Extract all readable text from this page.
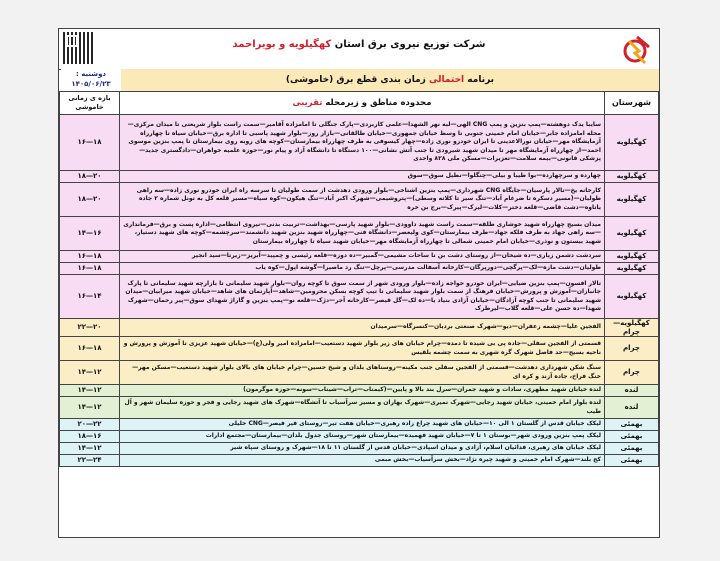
شرکت توزیع نیروی برق استان کهگیلویه و بویراحمد
دوشنبه :
۱۴۰۵/۰۶/۲۳	برنامه احتمالی زمان بندی قطع برق (خاموشی)
شهرستان	محدوده مناطق و زیرمحله تقریبی	بازه ی زمانی خاموشی
کهگیلویه	سایبا یدک دوهشته—پمپ بنزین و پمپ CNG الهی—لبه نهر الشهدا—علمی کاربردی—پارک جنگلی تا امامزاده آقامیر—سمت راست بلوار شریعتی تا میدان مرکزی—محله امامزاده جابر—خیابان امام خمینی جنوبی تا وسط خیابان جمهوری—خیابان طالقانی—بازار روز—بلوار شهید پاسبی تا اداره برق—خیابان سیاه تا چهارراه آزمایشگاه مهر—خیابان نورالاعدینی تا ایران خودرو نوری زاده—چهار کیسوفی به طرف چهارراه بیمارستان—کوچه های روبه روی بیمارستان تا پمپ بنزین موسوی احمد—از چهارراه آزمایشگاه مهر تا میدان شهید شیرودی تا جنب آتش نشانی—۱۰۰ دستگاه تا دانشگاه آزاد و پیام نور—حوزه علمیه خواهران—دادگستری جدید—پزشکی قانونی—بیمه سلامت—تعزیرات—مسکن ملی ۸۲۸ واحدی	۱۶—۱۸
کهگیلویه	چهارده و سرچهارده—بوا طیبا و بیلی—چنگلوا—نطیل سوق—سوق	۱۸—۲۰
کهگیلویه	کارخانه یخ—تالار پارسیان—جایگاه CNG شهرداری—پمپ بنزین اشتاخی—بلوار ورودی دهدشت از سمت طولیان تا سرسه راه ایران خودرو نوری زاده—سه راهی طولیان—(مسیر دسکره تا ضرغام آباد—تنگ سیر تا کلاته وسطی)—پتروشیمی—شهرک اکبر آباد—تنگ هیکون—کوه سیاه—مسیر قلعه کل به تونل شماره ۲ جاده یاتاوه—دشت قاضی—قلعه دختر—کلات—لیرک—پیرک—برج بن خره	۱۸—۲۰
کهگیلویه	میدان بسیج چهارراه شهید خوشاری طلقه—سمت راست شهید داوودی—بلوار شهید پارسی—بهداشت—تربیت بدنی—نیروی انتظامی—اداره پست و برق—فرمانداری—سه راهی جهاد به طرف فلکه جهاد—طرف بیمارستان—کوی ولیعصر—دانشگاه فنی—چهارراه شهید بنزین شهید دانشمند—سرچشمه—کوچه های شهید دستیار، شهید بیستون و نوذری—خیابان امام خمینی شمالی تا چهارراه آزمایشگاه مهر—خیابان شهید سیاه تا چهارراه بیمارستان	۱۴—۱۶
کهگیلویه	سردشت دشمن زیاری—ده شیخان—از روستای دشت بن تا ساحات مشیمی—گمبیر—ده دوزه—قلعه رئیسی و چمپید—آبریز—زیرتا—سید انجیر	۱۶—۱۸
کهگیلویه	طولیان—دشت مازه—لک—پرگچی—دورپرگان—کارخانه آسفالت مدرسی—پرچل—تنگ رد ماصیرا—گوشه اپول—کوه یاب	۱۶—۱۸
کهگیلویه	تالار افسون—پمپ بنزین ضیایی—ایران خودرو خواجه زاده—بلوار ورودی شهر از سمت سوق تا کوچه روان—بلوار شهید سلیمانی تا بازارچه شهید سلیمانی تا پارک جانبازان—آموزش و پرورش—خیابان فرهنگ از سمت بلوار شهید سلیمانی تا تیپ کوچه بسکن محرومین—شاهد—آپارتمان های شاهد—خیابان شهید میرابیان—میدان شهید سلیمانی تا جنب کوچه آزادگان—خیابان آزادی بنیاد یا—ده لک—گل قیصر—کارخانه آجر—دژک—قلعه نو—پمپ بنزین و گاراژ شهدای سوق—پیر رحمان—شهرک شهدا—ده حسن علی—قلعه گلاب—لیرطرک	۱۶—۱۴
کهگیلویه—چرام	الفجین علیا—چشمه زعفران—دیو—شهرک صنعتی بردیان—کنسرگاه—سرمیدان	۲۲—۲۰
چرام	قسمتی از الفجین سفلی—جاده پی بی شیده تا دمده—چرام خیابان های زیر بلوار شهید دستغیب—امامزاده امیر ولی(ع)—خیابان شهید عزیزی تا آموزش و پرورش و ناحیه بسیج—حد فاصل شهرک گره شهری به سمت چشمه بلقیس	۱۶—۱۸
چرام	سنگ شکن شهرداری دهدشت—قسمتی از الفجین سفلی جنب مکینه—روستاهای بلدان و شیخ حسین—چرام خیابان های بالای بلوار شهید دستغیب—مسکن مهر—خنگ فراخ، جاده آزند و کره ای	۱۴—۱۲
لنده	لنده خیابان شهید مطهری، سادات و شهید جمران—سرل بند بالا و پایین—(کیمناب—تراب—شیناب—سونه—حوزه موگرمون)	۱۴—۱۲
لنده	لنده بلوار امام خمینی، خیابان شهید رجایی—شهرک نمیری—شهرک بهاران و مسیر سرآسیاب تا آتشگاه—شهرک های شهید رجایی و فجر و حوزه سلیمان شهر و آل طیب	۱۴—۱۲
بهمئی	لیکک خیابان قدس از گلستان ۱ الی ۱۰—خیابان های شهید چراغ زاده رهبری—خیابان هفت تیر—روستای فیر فیصر—CNG خلیلی	۲۰—۲۲
بهمئی	لیکک پمپ بنزین ورودی شهر—بوستان ۱ تا ۷—خیابان شهید فهمیده—بیمارستان شهر—روستای جدول بلدان—بیمارستان—مجتمع ادارات	۱۸—۱۶
بهمئی	لیکک خیابان های رهبری، فدائیان اسلام، آزادی و میدان اسپادی—خیابان قدس از گلستان ۱۱ تا ۱۸—شهرک و روستای سپاه شیر	۱۴—۱۲
بهمئی	کج بلند—شهرک امام خمینی و شهید چیره نژاد—بخش سرآسیاب—بخش مبمی	۲۲—۲۴
